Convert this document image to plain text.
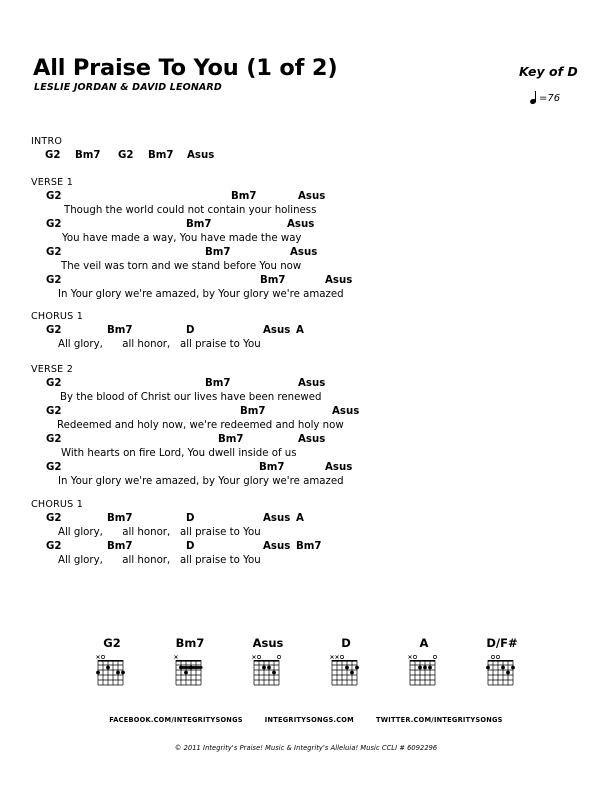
All Praise To You (1 of 2)
LESLIE JORDAN & DAVID LEONARD
Key of D
=76
INTRO
G2 Bm7 G2 Bm7 Asus
VERSE 1
G2	Bm7	Asus
Though the world could not contain your holiness
G2	Bm7	Asus
You have made a way, You have made the way
G2	Bm7	Asus
The veil was torn and we stand before You now
G2	Bm7	Asus
In Your glory we're amazed, by Your glory we're amazed
CHORUS 1
G2	Bm7	D	Asus A
All glory,      all honor,   all praise to You
VERSE 2
G2	Bm7	Asus
By the blood of Christ our lives have been renewed
G2	Bm7	Asus
Redeemed and holy now, we're redeemed and holy now
G2	Bm7	Asus
With hearts on fire Lord, You dwell inside of us
G2	Bm7	Asus
In Your glory we're amazed, by Your glory we're amazed
CHORUS 1
G2	Bm7	D	Asus A
All glory,      all honor,   all praise to You
G2	Bm7	D	Asus Bm7
All glory,      all honor,   all praise to You
G2	Bm7	Asus	D	A	D/F#
FACEBOOK.COM/INTEGRITYSONGS	INTEGRITYSONGS.COM	TWITTER.COM/INTEGRITYSONGS
© 2011 Integrity's Praise! Music & Integrity's Alleluia! Music CCLI # 6092296
